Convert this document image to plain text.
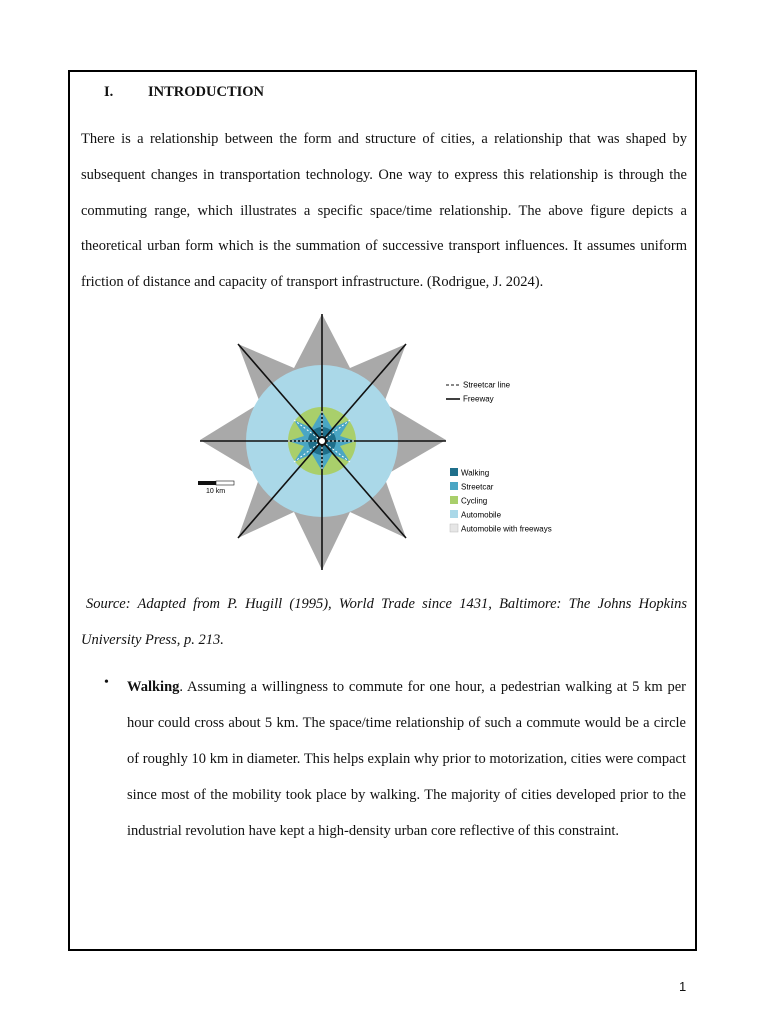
I. INTRODUCTION

There is a relationship between the form and structure of cities, a relationship that was shaped by subsequent changes in transportation technology. One way to express this relationship is through the commuting range, which illustrates a specific space/time relationship. The above figure depicts a theoretical urban form which is the summation of successive transport influences. It assumes uniform friction of distance and capacity of transport infrastructure. (Rodrigue, J. 2024).

10 km
Streetcar line
Freeway
Walking
Streetcar
Cycling
Automobile
Automobile with freeways

Source: Adapted from P. Hugill (1995), World Trade since 1431, Baltimore: The Johns Hopkins University Press, p. 213.

• Walking. Assuming a willingness to commute for one hour, a pedestrian walking at 5 km per hour could cross about 5 km. The space/time relationship of such a commute would be a circle of roughly 10 km in diameter. This helps explain why prior to motorization, cities were compact since most of the mobility took place by walking. The majority of cities developed prior to the industrial revolution have kept a high-density urban core reflective of this constraint.

1
